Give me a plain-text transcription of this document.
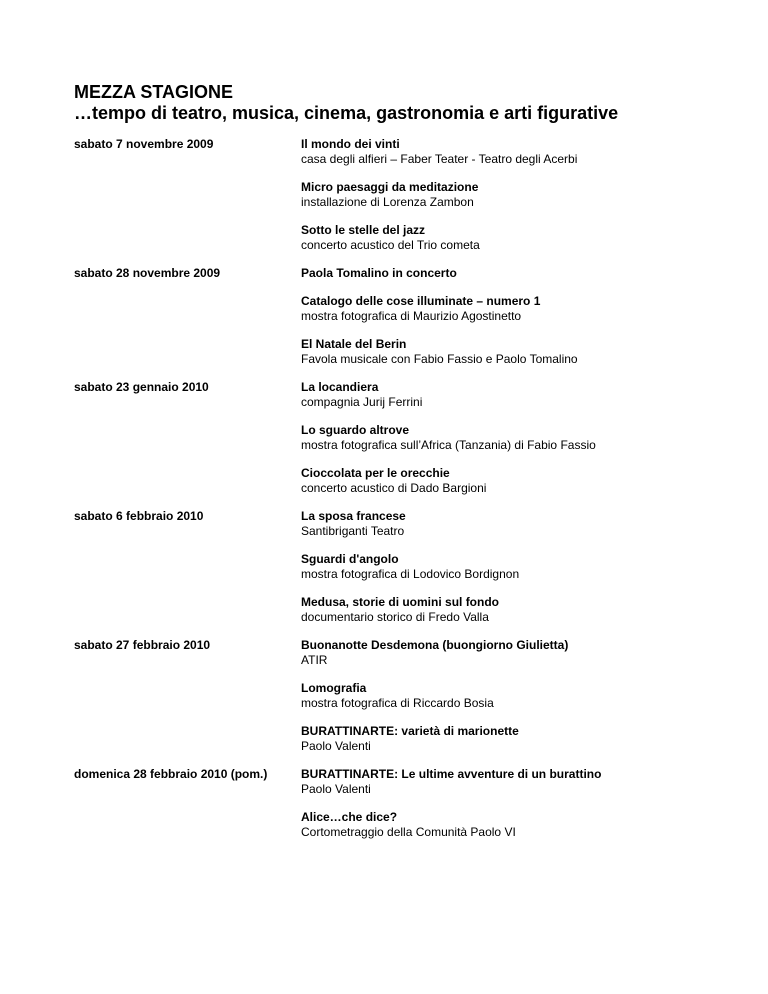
MEZZA STAGIONE
…tempo di teatro, musica, cinema, gastronomia e arti figurative
sabato 7 novembre 2009	Il mondo dei vinti
casa degli alfieri – Faber Teater - Teatro degli Acerbi
Micro paesaggi da meditazione
installazione di Lorenza Zambon
Sotto le stelle del jazz
concerto acustico del Trio cometa
sabato 28 novembre 2009	Paola Tomalino in concerto
Catalogo delle cose illuminate – numero 1
mostra fotografica di Maurizio Agostinetto
El Natale del Berin
Favola musicale con Fabio Fassio e Paolo Tomalino
sabato 23 gennaio 2010	La locandiera
compagnia Jurij Ferrini
Lo sguardo altrove
mostra fotografica sull’Africa (Tanzania) di Fabio Fassio
Cioccolata per le orecchie
concerto acustico di Dado Bargioni
sabato 6 febbraio 2010	La sposa francese
Santibriganti Teatro
Sguardi d'angolo
mostra fotografica di Lodovico Bordignon
Medusa, storie di uomini sul fondo
documentario storico di Fredo Valla
sabato 27 febbraio 2010	Buonanotte Desdemona (buongiorno Giulietta)
ATIR
Lomografia
mostra fotografica di Riccardo Bosia
BURATTINARTE: varietà di marionette
Paolo Valenti
domenica 28 febbraio 2010 (pom.)	BURATTINARTE: Le ultime avventure di un burattino
Paolo Valenti
Alice…che dice?
Cortometraggio della Comunità Paolo VI
